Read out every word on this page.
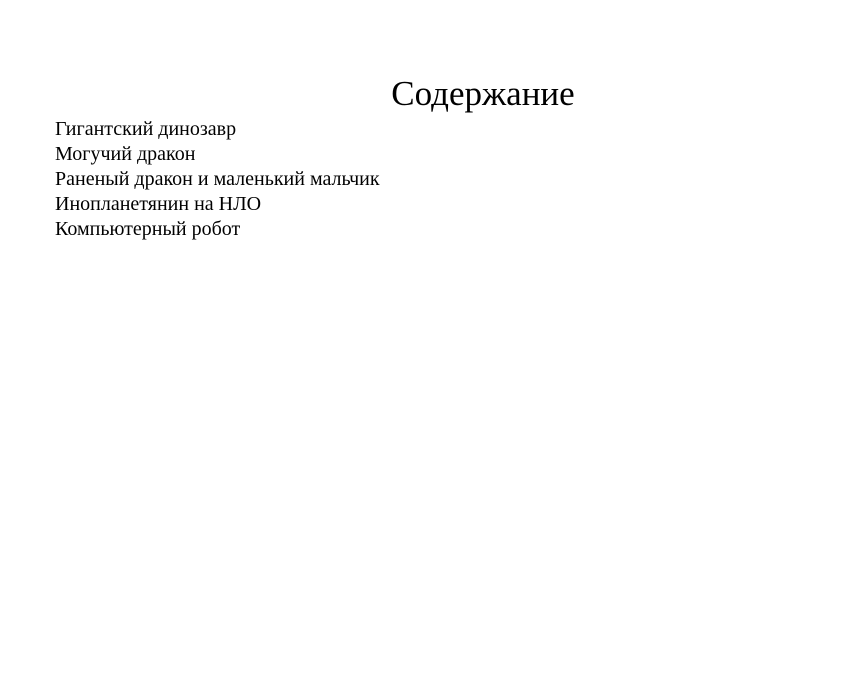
Содержание
Гигантский динозавр
Могучий дракон
Раненый дракон и маленький мальчик
Инопланетянин на НЛО
Компьютерный робот
